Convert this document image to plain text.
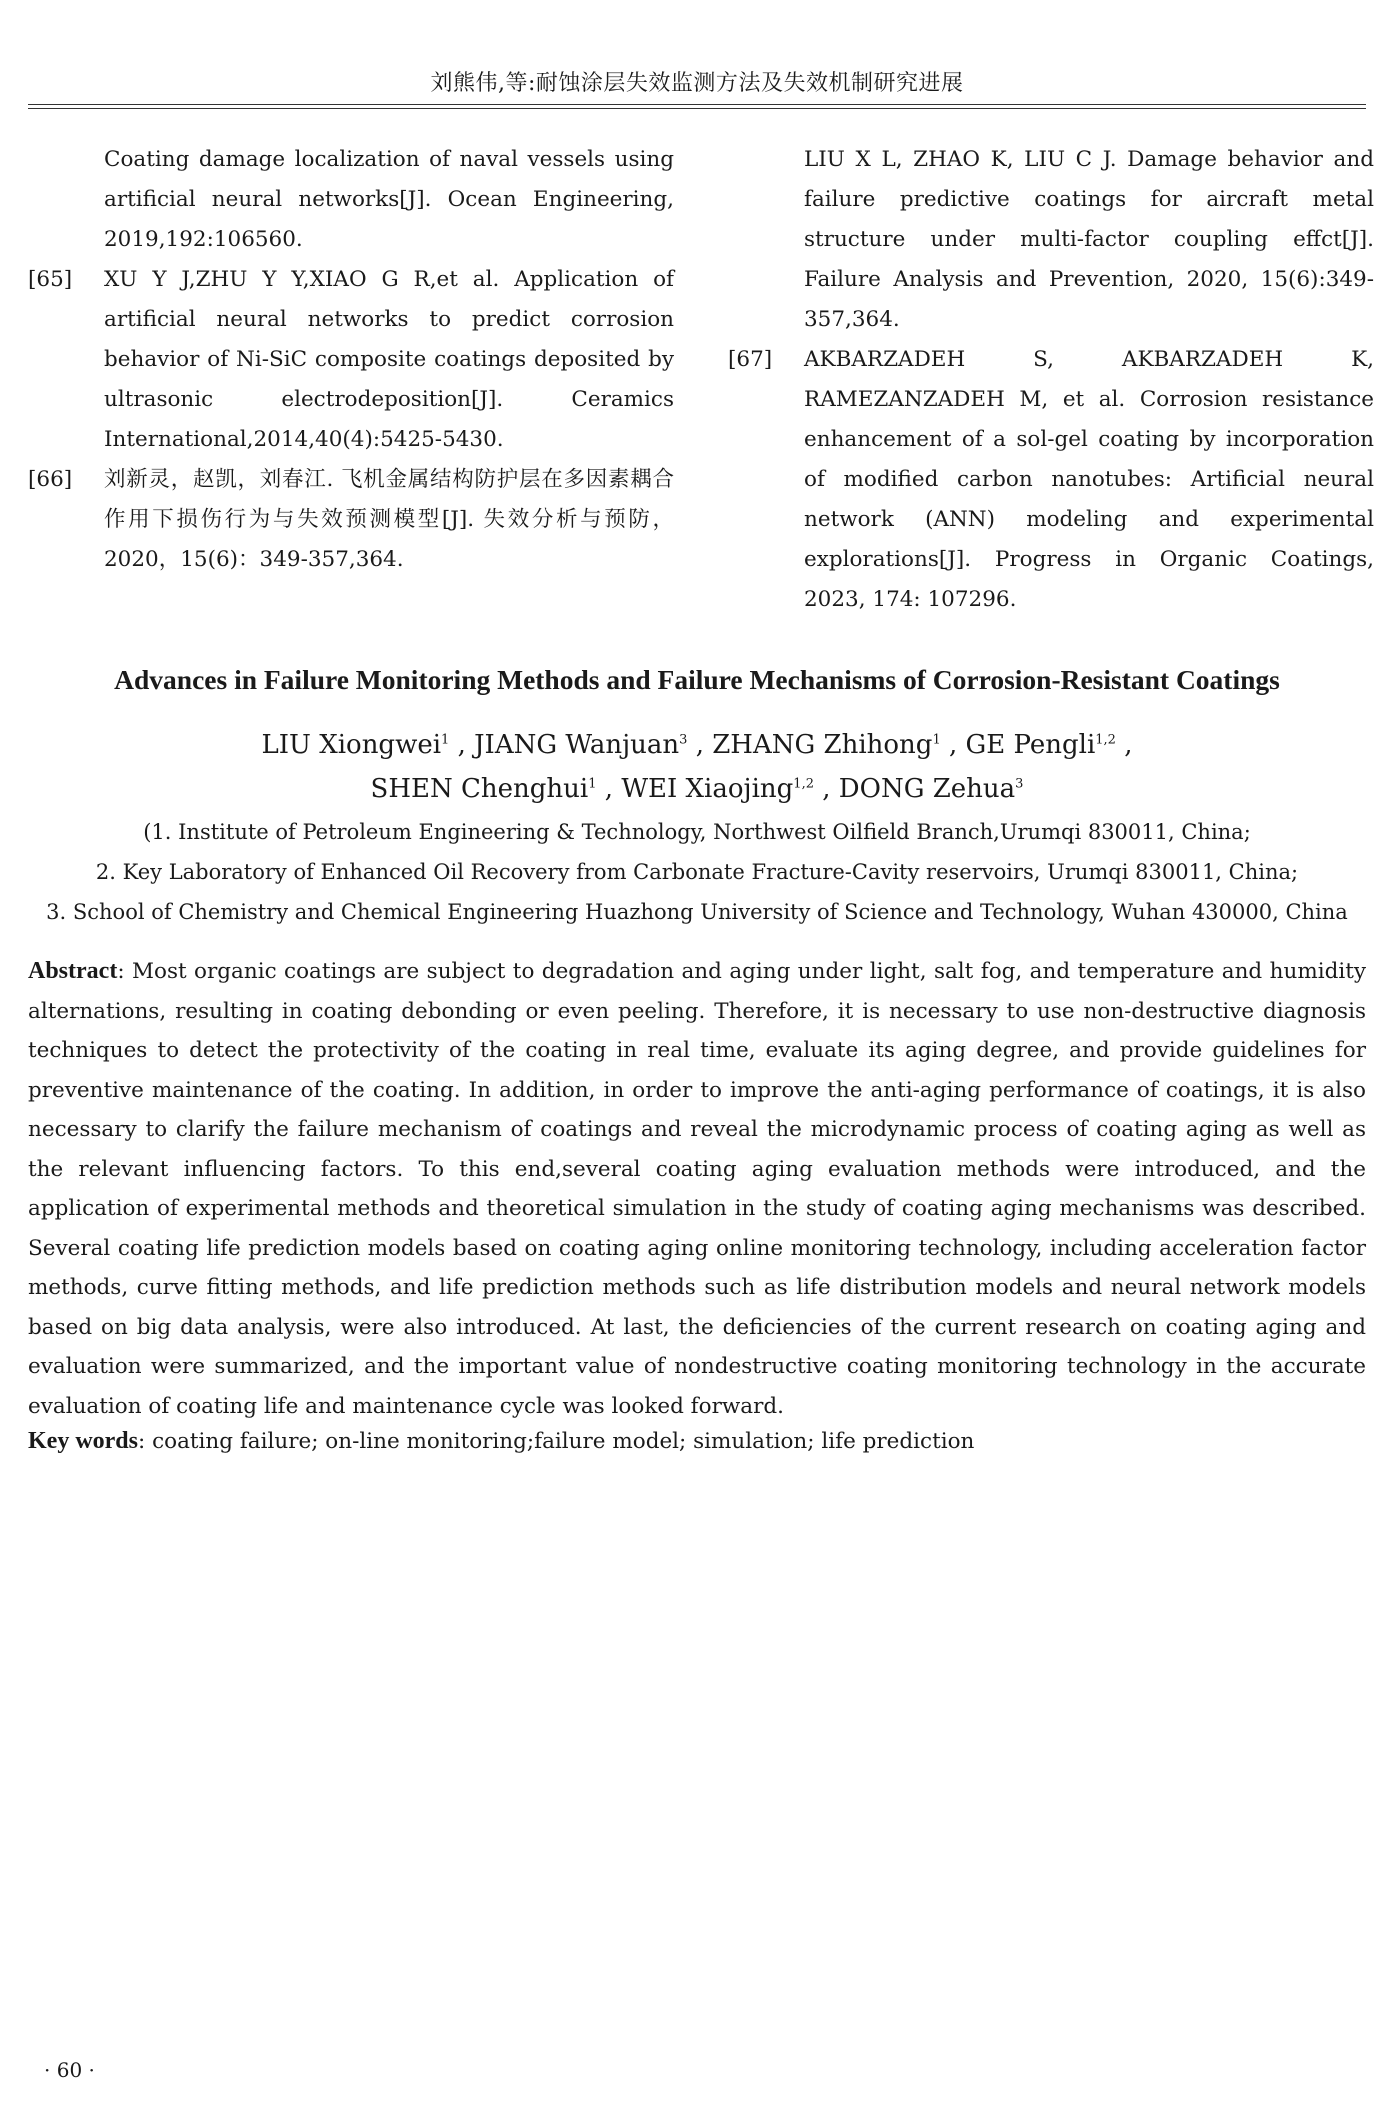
刘熊伟,等:耐蚀涂层失效监测方法及失效机制研究进展
Coating damage localization of naval vessels using artificial neural networks[J]. Ocean Engineering, 2019,192:106560.
[65] XU Y J,ZHU Y Y,XIAO G R,et al. Application of artificial neural networks to predict corrosion behavior of Ni-SiC composite coatings deposited by ultrasonic electrodeposition[J]. Ceramics International,2014,40(4):5425-5430.
[66] 刘新灵，赵凯，刘春江. 飞机金属结构防护层在多因素耦合作用下损伤行为与失效预测模型[J]. 失效分析与预防，2020，15(6)：349-357,364.
LIU X L, ZHAO K, LIU C J. Damage behavior and failure predictive coatings for aircraft metal structure under multi-factor coupling effct[J]. Failure Analysis and Prevention, 2020, 15(6):349-357,364.
[67] AKBARZADEH S, AKBARZADEH K, RAMEZANZADEH M, et al. Corrosion resistance enhancement of a sol-gel coating by incorporation of modified carbon nanotubes: Artificial neural network (ANN) modeling and experimental explorations[J]. Progress in Organic Coatings, 2023, 174: 107296.
Advances in Failure Monitoring Methods and Failure Mechanisms of Corrosion-Resistant Coatings
LIU Xiongwei$^1$ , JIANG Wanjuan$^3$ , ZHANG Zhihong$^1$ , GE Pengli$^{1,2}$ ,
SHEN Chenghui$^1$ , WEI Xiaojing$^{1,2}$ , DONG Zehua$^3$
(1. Institute of Petroleum Engineering & Technology, Northwest Oilfield Branch,Urumqi 830011, China;
2. Key Laboratory of Enhanced Oil Recovery from Carbonate Fracture-Cavity reservoirs, Urumqi 830011, China;
3. School of Chemistry and Chemical Engineering Huazhong University of Science and Technology, Wuhan 430000, China
Abstract: Most organic coatings are subject to degradation and aging under light, salt fog, and temperature and humidity alternations, resulting in coating debonding or even peeling. Therefore, it is necessary to use non-destructive diagnosis techniques to detect the protectivity of the coating in real time, evaluate its aging degree, and provide guidelines for preventive maintenance of the coating. In addition, in order to improve the anti-aging performance of coatings, it is also necessary to clarify the failure mechanism of coatings and reveal the microdynamic process of coating aging as well as the relevant influencing factors. To this end,several coating aging evaluation methods were introduced, and the application of experimental methods and theoretical simulation in the study of coating aging mechanisms was described. Several coating life prediction models based on coating aging online monitoring technology, including acceleration factor methods, curve fitting methods, and life prediction methods such as life distribution models and neural network models based on big data analysis, were also introduced. At last, the deficiencies of the current research on coating aging and evaluation were summarized, and the important value of nondestructive coating monitoring technology in the accurate evaluation of coating life and maintenance cycle was looked forward.
Key words: coating failure; on-line monitoring;failure model; simulation; life prediction
· 60 ·
